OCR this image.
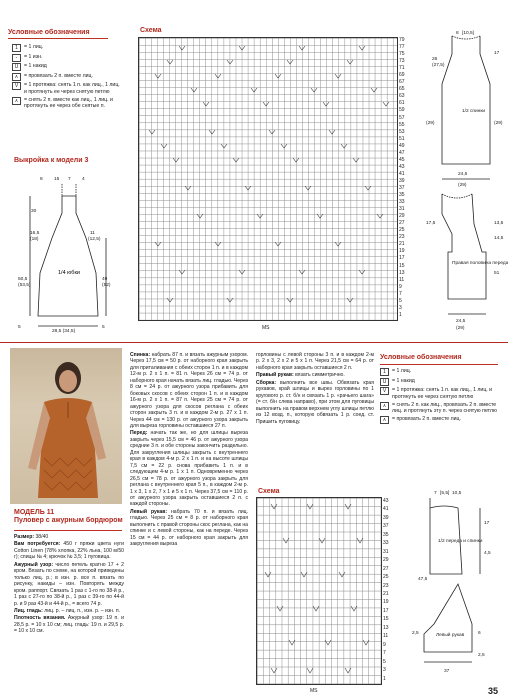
Условные обозначения
1	= 1 лиц.
-	= 1 изн.
U	= 1 накид
∧	= провязать 2 п. вместе лиц.
V	= 1 протяжка: снять 1 п. как лиц., 1 лиц. и протянуть ее через снятую петлю
⋏	= снять 2 п. вместе как лиц., 1 лиц. и протянуть ее через обе снятые п.
Выкройка к модели 3
1/4 юбки
8 15 7 4
30
16,5
(18)
11
(12,5)
50,5
(53,5)
49
(52)
5
28,5 (34,5)
5
Схема
79
77
75
73
71
69
67
65
63
61
59
57
55
53
51
49
47
45
43
41
39
37
35
33
31
29
27
25
23
21
19
17
15
13
11
9
7
5
3
1
MS
1/2 спинки
8 [10,5]
26
(27,5)
17
(29)
(29)
24,5
(29)
Правая половина переда
17,5	13,5
14,5
51
24,5
(29)
МОДЕЛЬ 11
Пуловер с ажурным бордюром

Размер: 38/40

Вам потребуется: 450 г пряжи цвета нуги Cotton Linen (78% хлопка, 22% льна, 100 м/50 г); спицы № 4; крючок № 3,5; 1 пуговица.

Ажурный узор: число петель кратно 17 + 2 кром. Вязать по схеме, на которой приведены только лиц. р.; в изн. р. все п. вязать по рисунку, накиды – изн. Повторять между кром. раппорт. Связать 1 раз с 1-го по 38-й р., 1 раз с 27-го по 38-й р., 1 раз с 39-го по 44-й р. и 9 раз 43-й и 44-й р., = всего 74 р.

Лиц. гладь: лиц. р. – лиц. п., изн. р. – изн. п.

Плотность вязания. Ажурный узор: 19 п. и 28,5 р. = 10 х 10 см; лиц. гладь: 19 п. и 29,5 р. = 10 х 10 см.

Спинка: набрать 87 п. и вязать ажурным узором. Через 17,5 см = 50 р. от наборного края закрыть для приталивания с обеих сторон 1 п. и в каждом 12-м р. 2 х 1 п. = 81 п. Через 26 см = 74 р. от наборного края начать вязать лиц. гладью. Через 8 см = 24 р. от ажурного узора прибавить для боковых скосов с обеих сторон 1 п. и в каждом 16-м р. 2 х 1 п. = 87 п. Через 25 см = 74 р. от ажурного узора для скосов реглана с обеих сторон закрыть 3 п. и в каждом 2-м р. 27 х 1 п. Через 44 см = 130 р. от ажурного узора закрыть для выреза горловины оставшиеся 27 п.

Перед: начать так же, но для шлицы выреза закрыть через 15,5 см = 46 р. от ажурного узора средние 3 п. и обе стороны закончить раздельно. Для закругления шлицы закрыть с внутреннего края в каждом 4-м р. 2 х 1 п. и на высоте шлицы 7,5 см = 22 р. снова прибавить 1 п. и в следующем 4-м р. 1 х 1 п. Одновременно через 26,5 см = 78 р. от ажурного узора закрыть для реглана с внутреннего края 5 п., в каждом 2-м р. 1 х 3, 1 х 2, 7 х 1 и 5 х 1 п. Через 37,5 см = 110 р. от ажурного узора закрыть оставшиеся 2 п. с каждой стороны.

Левый рукав: набрать 70 п. и вязать лиц. гладью. Через 25 см = 8 р. от наборного края выполнить с правой стороны скос реглана, как на спинке и с левой стороны, как на переде. Через 15 см = 44 р. от наборного края закрыть для закругления выреза

горловины с левой стороны 3 п. и в каждом 2-м р. 2 х 3, 2 х 2 и 5 х 1 п. Через 21,5 см = 64 р. от наборного края закрыть оставшиеся 2 п.

Правый рукав: вязать симметрично.

Сборка: выполнить все швы. Обвязать края рукавов, край шлицы и вырез горловины по 1 кругового р. ст. б/н и связать 1 р. «рачьего шага» (= ст. б/н слева направо), при этом для пуговицы выполнить на правом верхнем углу шлицы петлю из 12 возд. п., которую обвязать 1 р. соед. ст. Пришить пуговицу.

Условные обозначения
1	= 1 лиц.
U	= 1 накид
V	= 1 протяжка: снять 1 п. как лиц., 1 лиц. и протянуть ее через снятую петлю
⋏	= снять 2 п. как лиц., провязать 2 п. вместе лиц. и протянуть эту п. через снятую петлю
∧	= провязать 2 п. вместе лиц.
Схема
43
41
39
37
35
33
31
29
27
25
23
21
19
17
15
13
11
9
7
5
3
1
MS
7 [5,5] 10,5
1/2 переда и спинки
17
4,5
47,5
Левый рукав
2,5	6
37
2,5
35
